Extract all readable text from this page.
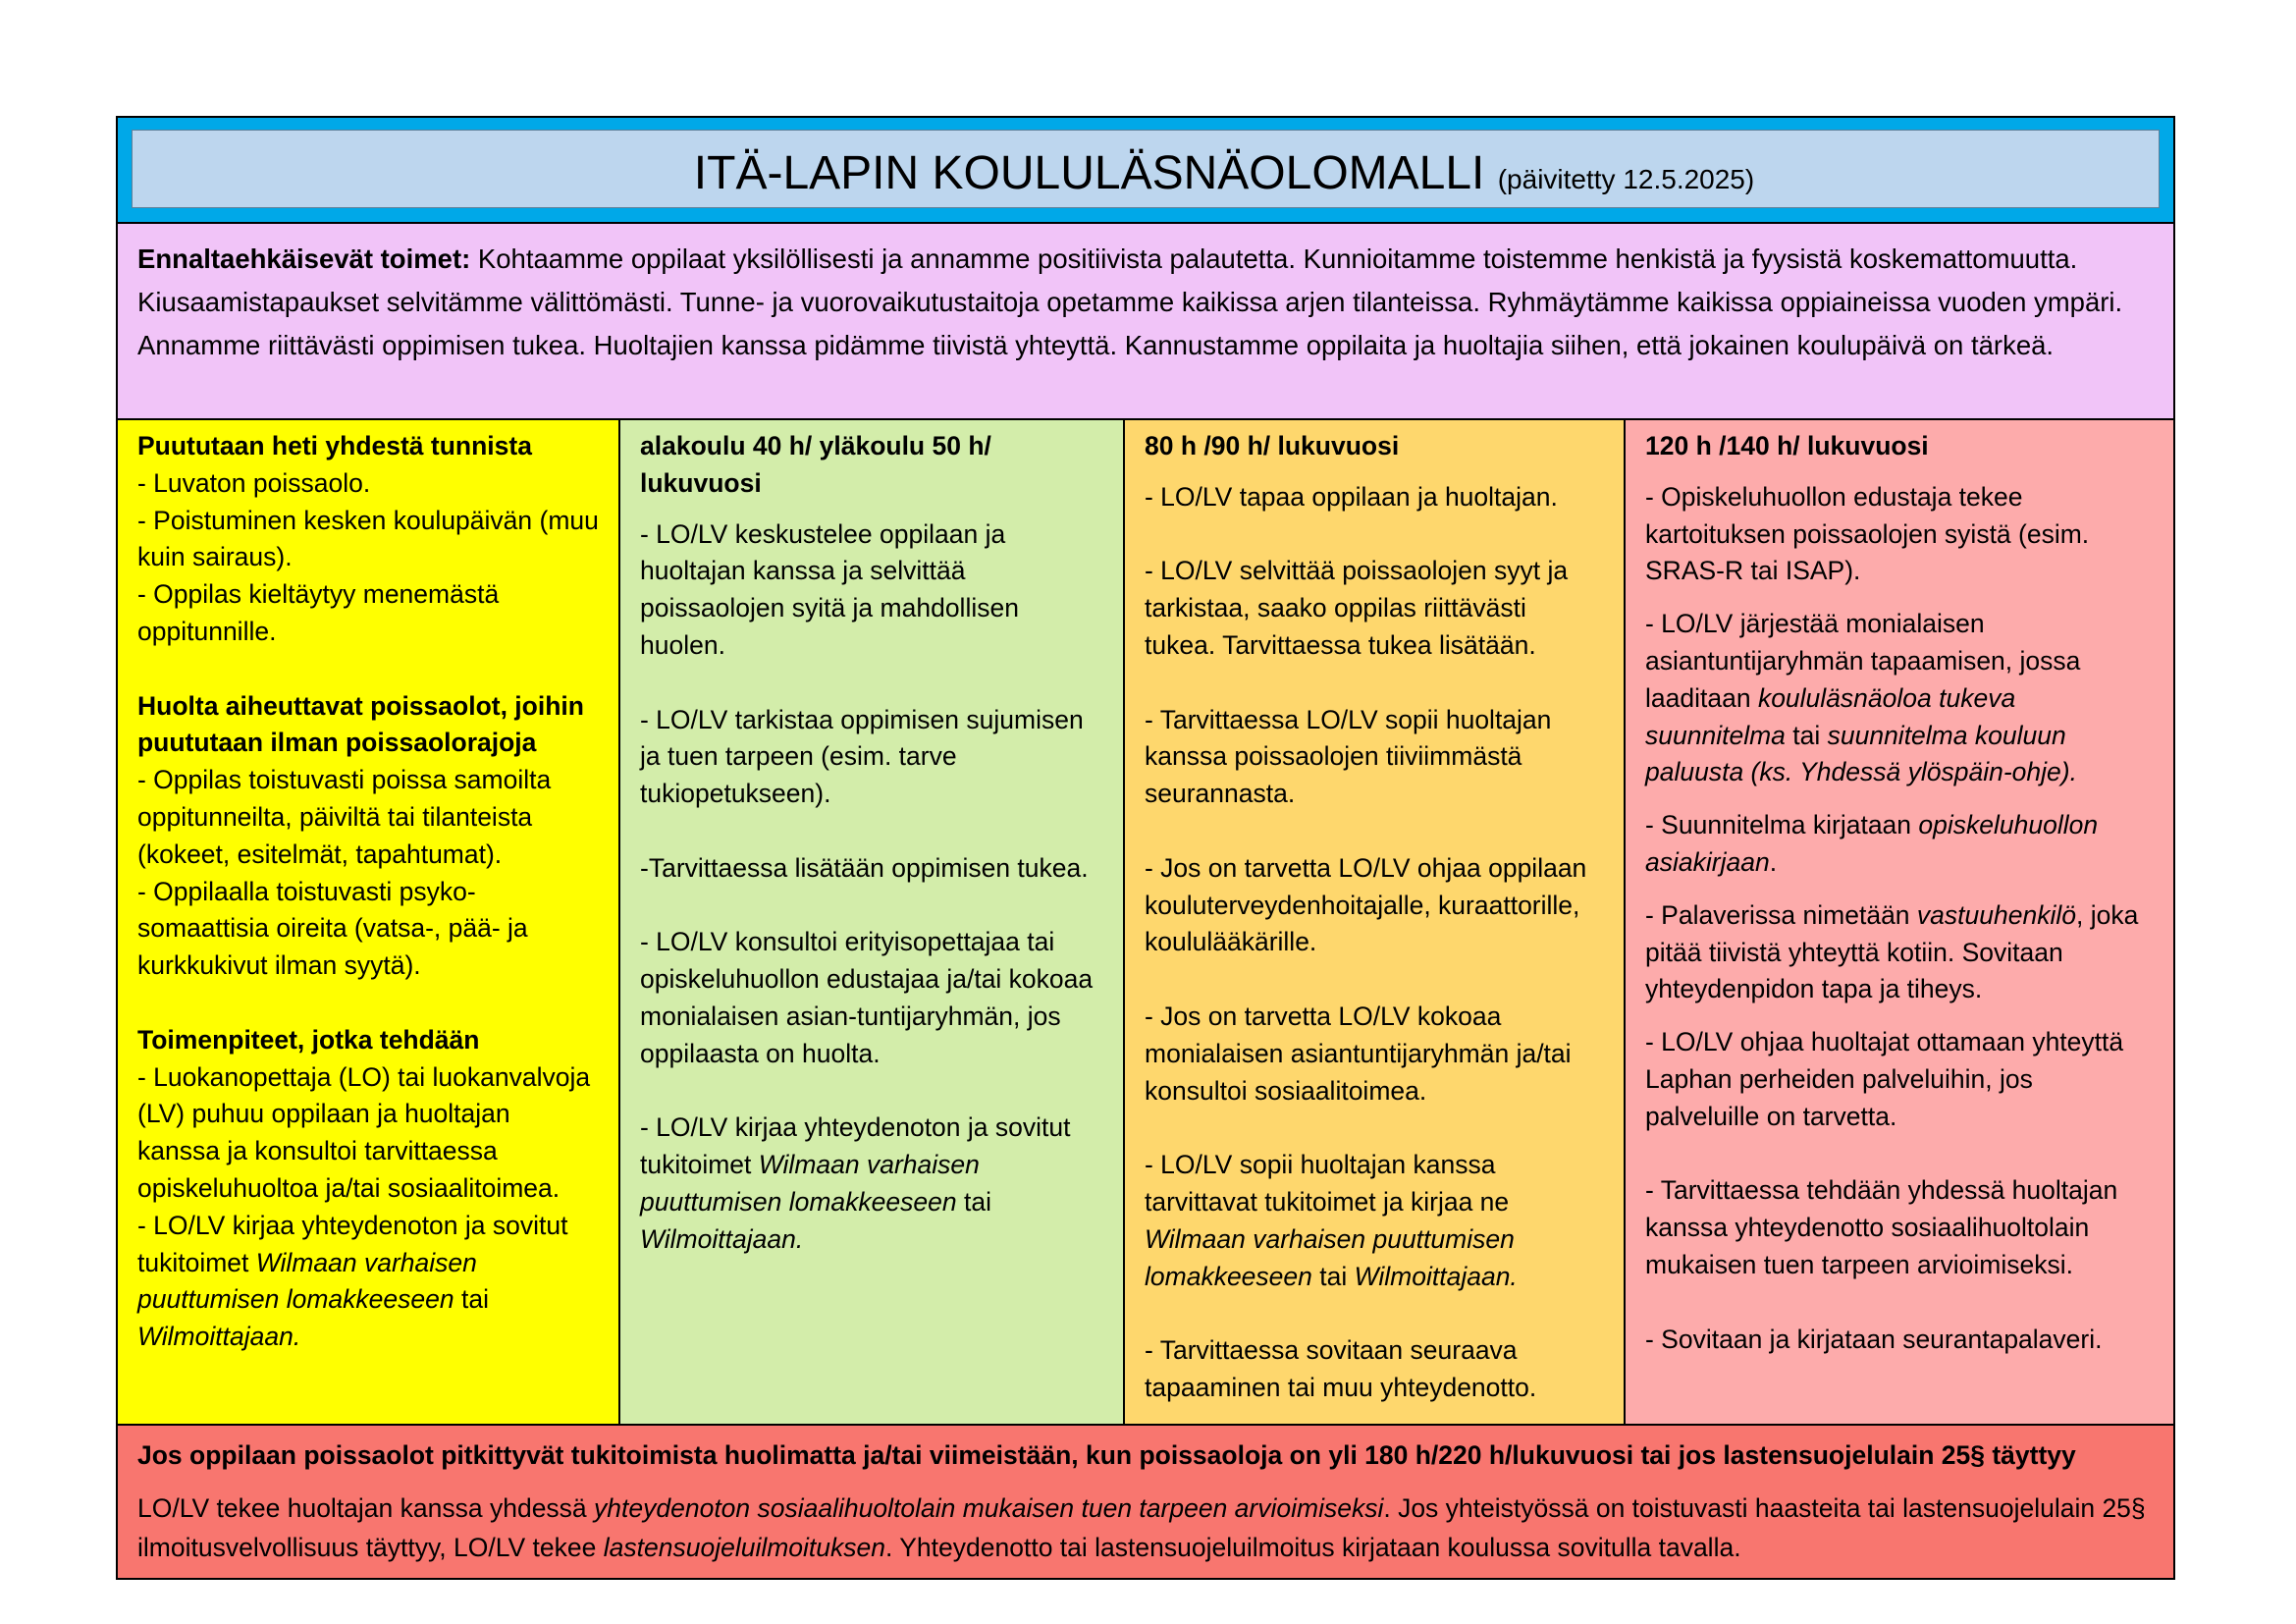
ITÄ-LAPIN KOULULÄSNÄOLOMALLI (päivitetty 12.5.2025)
Ennaltaehkäisevät toimet: Kohtaamme oppilaat yksilöllisesti ja annamme positiivista palautetta. Kunnioitamme toistemme henkistä ja fyysistä koskemattomuutta. Kiusaamistapaukset selvitämme välittömästi. Tunne- ja vuorovaikutustaitoja opetamme kaikissa arjen tilanteissa. Ryhmäytämme kaikissa oppiaineissa vuoden ympäri. Annamme riittävästi oppimisen tukea. Huoltajien kanssa pidämme tiivistä yhteyttä. Kannustamme oppilaita ja huoltajia siihen, että jokainen koulupäivä on tärkeä.
Puututaan heti yhdestä tunnista
- Luvaton poissaolo.
- Poistuminen kesken koulupäivän (muu kuin sairaus).
- Oppilas kieltäytyy menemästä oppitunnille.
Huolta aiheuttavat poissaolot, joihin puututaan ilman poissaolorajoja
- Oppilas toistuvasti poissa samoilta oppitunneilta, päiviltä tai tilanteista (kokeet, esitelmät, tapahtumat).
- Oppilaalla toistuvasti psyko-somaattisia oireita (vatsa-, pää- ja kurkkukivut ilman syytä).
Toimenpiteet, jotka tehdään
- Luokanopettaja (LO) tai luokanvalvoja (LV) puhuu oppilaan ja huoltajan kanssa ja konsultoi tarvittaessa opiskeluhuoltoa ja/tai sosiaalitoimea.
- LO/LV kirjaa yhteydenoton ja sovitut tukitoimet Wilmaan varhaisen puuttumisen lomakkeeseen tai Wilmoittajaan.
alakoulu 40 h/ yläkoulu 50 h/ lukuvuosi
- LO/LV keskustelee oppilaan ja huoltajan kanssa ja selvittää poissaolojen syitä ja mahdollisen huolen.
- LO/LV tarkistaa oppimisen sujumisen ja tuen tarpeen (esim. tarve tukiopetukseen).
-Tarvittaessa lisätään oppimisen tukea.
- LO/LV konsultoi erityisopettajaa tai opiskeluhuollon edustajaa ja/tai kokoaa monialaisen asian-tuntijaryhmän, jos oppilaasta on huolta.
- LO/LV kirjaa yhteydenoton ja sovitut tukitoimet Wilmaan varhaisen puuttumisen lomakkeeseen tai Wilmoittajaan.
80 h /90 h/ lukuvuosi
- LO/LV tapaa oppilaan ja huoltajan.
- LO/LV selvittää poissaolojen syyt ja tarkistaa, saako oppilas riittävästi tukea. Tarvittaessa tukea lisätään.
- Tarvittaessa LO/LV sopii huoltajan kanssa poissaolojen tiiviimmästä seurannasta.
- Jos on tarvetta LO/LV ohjaa oppilaan kouluterveydenhoitajalle, kuraattorille, koululääkärille.
- Jos on tarvetta LO/LV kokoaa monialaisen asiantuntijaryhmän ja/tai konsultoi sosiaalitoimea.
- LO/LV sopii huoltajan kanssa tarvittavat tukitoimet ja kirjaa ne Wilmaan varhaisen puuttumisen lomakkeeseen tai Wilmoittajaan.
- Tarvittaessa sovitaan seuraava tapaaminen tai muu yhteydenotto.
120 h /140 h/ lukuvuosi
- Opiskeluhuollon edustaja tekee kartoituksen poissaolojen syistä (esim. SRAS-R tai ISAP).
- LO/LV järjestää monialaisen asiantuntijaryhmän tapaamisen, jossa laaditaan koululäsnäoloa tukeva suunnitelma tai suunnitelma kouluun paluusta (ks. Yhdessä ylöspäin-ohje).
- Suunnitelma kirjataan opiskeluhuollon asiakirjaan.
- Palaverissa nimetään vastuuhenkilö, joka pitää tiivistä yhteyttä kotiin. Sovitaan yhteydenpidon tapa ja tiheys.
- LO/LV ohjaa huoltajat ottamaan yhteyttä Laphan perheiden palveluihin, jos palveluille on tarvetta.
- Tarvittaessa tehdään yhdessä huoltajan kanssa yhteydenotto sosiaalihuoltolain mukaisen tuen tarpeen arvioimiseksi.
- Sovitaan ja kirjataan seurantapalaveri.
Jos oppilaan poissaolot pitkittyvät tukitoimista huolimatta ja/tai viimeistään, kun poissaoloja on yli 180 h/220 h/lukuvuosi tai jos lastensuojelulain 25§ täyttyy
LO/LV tekee huoltajan kanssa yhdessä yhteydenoton sosiaalihuoltolain mukaisen tuen tarpeen arvioimiseksi. Jos yhteistyössä on toistuvasti haasteita tai lastensuojelulain 25§ ilmoitusvelvollisuus täyttyy, LO/LV tekee lastensuojeluilmoituksen. Yhteydenotto tai lastensuojeluilmoitus kirjataan koulussa sovitulla tavalla.
